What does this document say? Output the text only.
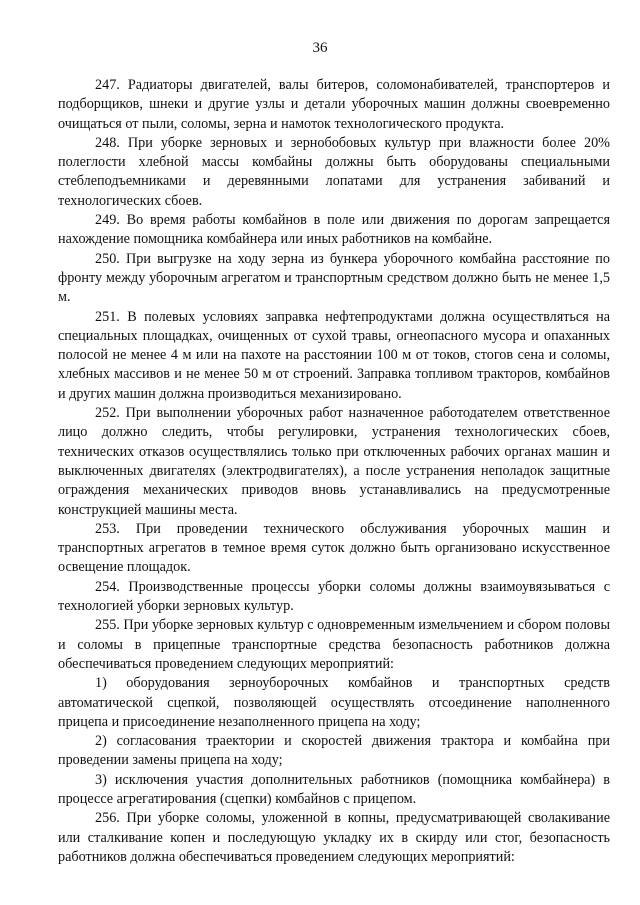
36

247. Радиаторы двигателей, валы битеров, соломонабивателей, транспортеров и подборщиков, шнеки и другие узлы и детали уборочных машин должны своевременно очищаться от пыли, соломы, зерна и намоток технологического продукта.

248. При уборке зерновых и зернобобовых культур при влажности более 20% полеглости хлебной массы комбайны должны быть оборудованы специальными стеблеподъемниками и деревянными лопатами для устранения забиваний и технологических сбоев.

249. Во время работы комбайнов в поле или движения по дорогам запрещается нахождение помощника комбайнера или иных работников на комбайне.

250. При выгрузке на ходу зерна из бункера уборочного комбайна расстояние по фронту между уборочным агрегатом и транспортным средством должно быть не менее 1,5 м.

251. В полевых условиях заправка нефтепродуктами должна осуществляться на специальных площадках, очищенных от сухой травы, огнеопасного мусора и опаханных полосой не менее 4 м или на пахоте на расстоянии 100 м от токов, стогов сена и соломы, хлебных массивов и не менее 50 м от строений. Заправка топливом тракторов, комбайнов и других машин должна производиться механизировано.

252. При выполнении уборочных работ назначенное работодателем ответственное лицо должно следить, чтобы регулировки, устранения технологических сбоев, технических отказов осуществлялись только при отключенных рабочих органах машин и выключенных двигателях (электродвигателях), а после устранения неполадок защитные ограждения механических приводов вновь устанавливались на предусмотренные конструкцией машины места.

253. При проведении технического обслуживания уборочных машин и транспортных агрегатов в темное время суток должно быть организовано искусственное освещение площадок.

254. Производственные процессы уборки соломы должны взаимоувязываться с технологией уборки зерновых культур.

255. При уборке зерновых культур с одновременным измельчением и сбором половы и соломы в прицепные транспортные средства безопасность работников должна обеспечиваться проведением следующих мероприятий:

1) оборудования зерноуборочных комбайнов и транспортных средств автоматической сцепкой, позволяющей осуществлять отсоединение наполненного прицепа и присоединение незаполненного прицепа на ходу;

2) согласования траектории и скоростей движения трактора и комбайна при проведении замены прицепа на ходу;

3) исключения участия дополнительных работников (помощника комбайнера) в процессе агрегатирования (сцепки) комбайнов с прицепом.

256. При уборке соломы, уложенной в копны, предусматривающей сволакивание или сталкивание копен и последующую укладку их в скирду или стог, безопасность работников должна обеспечиваться проведением следующих мероприятий:
